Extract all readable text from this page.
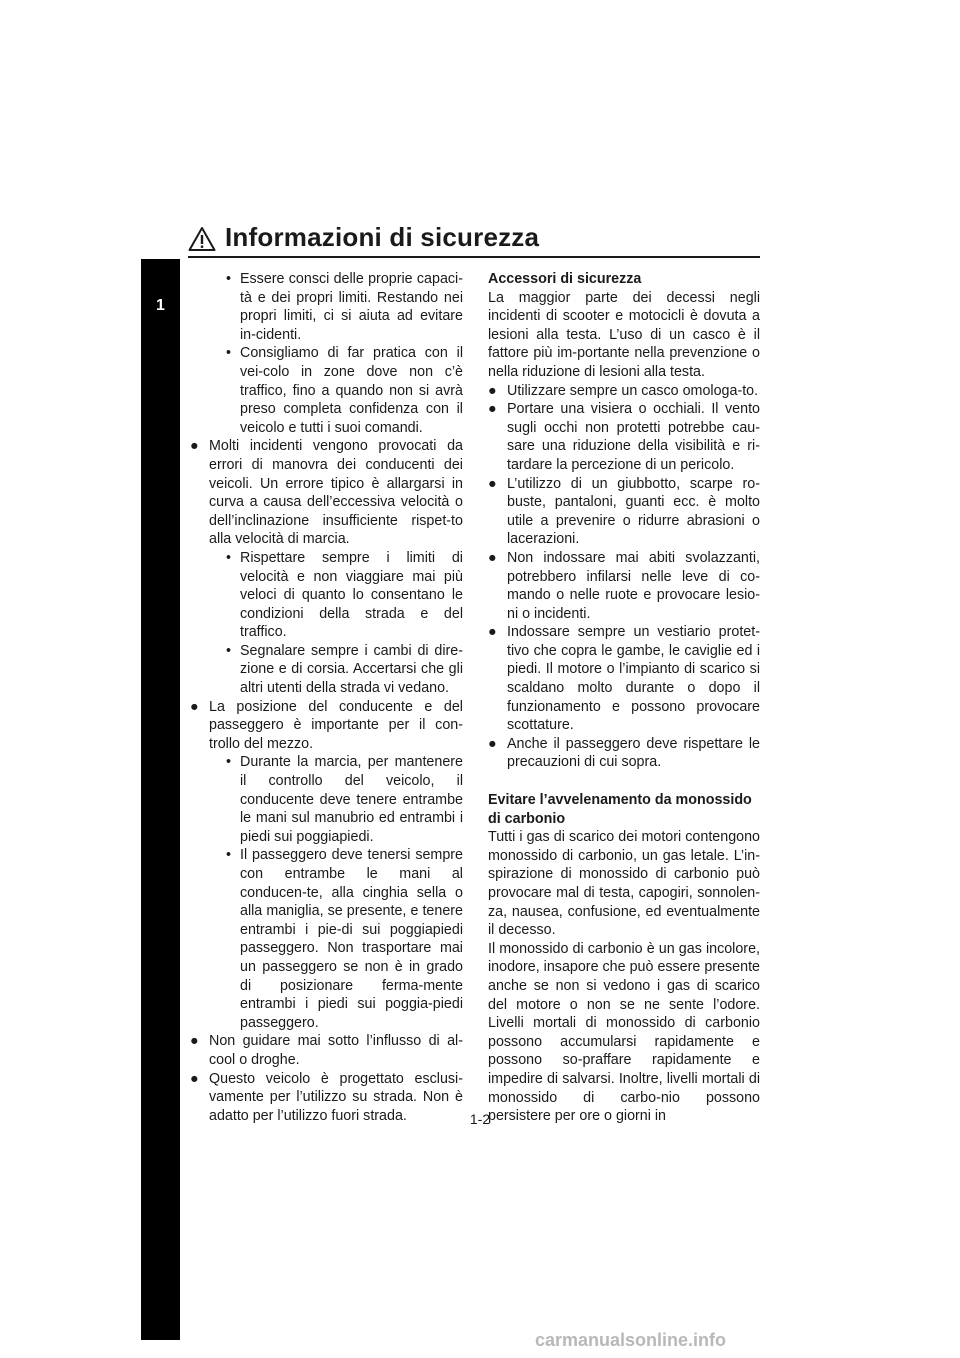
Informazioni di sicurezza
1
• Essere consci delle proprie capaci-tà e dei propri limiti. Restando nei propri limiti, ci si aiuta ad evitare in-cidenti.
• Consigliamo di far pratica con il vei-colo in zone dove non c’è traffico, fino a quando non si avrà preso completa confidenza con il veicolo e tutti i suoi comandi.
● Molti incidenti vengono provocati da errori di manovra dei conducenti dei veicoli. Un errore tipico è allargarsi in curva a causa dell’eccessiva velocità o dell’inclinazione insufficiente rispet-to alla velocità di marcia.
• Rispettare sempre i limiti di velocità e non viaggiare mai più veloci di quanto lo consentano le condizioni della strada e del traffico.
• Segnalare sempre i cambi di dire-zione e di corsia. Accertarsi che gli altri utenti della strada vi vedano.
● La posizione del conducente e del passeggero è importante per il con-trollo del mezzo.
• Durante la marcia, per mantenere il controllo del veicolo, il conducente deve tenere entrambe le mani sul manubrio ed entrambi i piedi sui poggiapiedi.
• Il passeggero deve tenersi sempre con entrambe le mani al conducen-te, alla cinghia sella o alla maniglia, se presente, e tenere entrambi i pie-di sui poggiapiedi passeggero. Non trasportare mai un passeggero se non è in grado di posizionare ferma-mente entrambi i piedi sui poggia-piedi passeggero.
● Non guidare mai sotto l’influsso di al-cool o droghe.
● Questo veicolo è progettato esclusi-vamente per l’utilizzo su strada. Non è adatto per l’utilizzo fuori strada.
Accessori di sicurezza
La maggior parte dei decessi negli incidenti di scooter e motocicli è dovuta a lesioni alla testa. L’uso di un casco è il fattore più im-portante nella prevenzione o nella riduzione di lesioni alla testa.
● Utilizzare sempre un casco omologa-to.
● Portare una visiera o occhiali. Il vento sugli occhi non protetti potrebbe cau-sare una riduzione della visibilità e ri-tardare la percezione di un pericolo.
● L’utilizzo di un giubbotto, scarpe ro-buste, pantaloni, guanti ecc. è molto utile a prevenire o ridurre abrasioni o lacerazioni.
● Non indossare mai abiti svolazzanti, potrebbero infilarsi nelle leve di co-mando o nelle ruote e provocare lesio-ni o incidenti.
● Indossare sempre un vestiario protet-tivo che copra le gambe, le caviglie ed i piedi. Il motore o l’impianto di scarico si scaldano molto durante o dopo il funzionamento e possono provocare scottature.
● Anche il passeggero deve rispettare le precauzioni di cui sopra.
Evitare l’avvelenamento da monossido di carbonio
Tutti i gas di scarico dei motori contengono monossido di carbonio, un gas letale. L’in-spirazione di monossido di carbonio può provocare mal di testa, capogiri, sonnolen-za, nausea, confusione, ed eventualmente il decesso.
Il monossido di carbonio è un gas incolore, inodore, insapore che può essere presente anche se non si vedono i gas di scarico del motore o non se ne sente l’odore. Livelli mortali di monossido di carbonio possono accumularsi rapidamente e possono so-praffare rapidamente e impedire di salvarsi. Inoltre, livelli mortali di monossido di carbo-nio possono persistere per ore o giorni in
1-2
carmanualsonline.info
